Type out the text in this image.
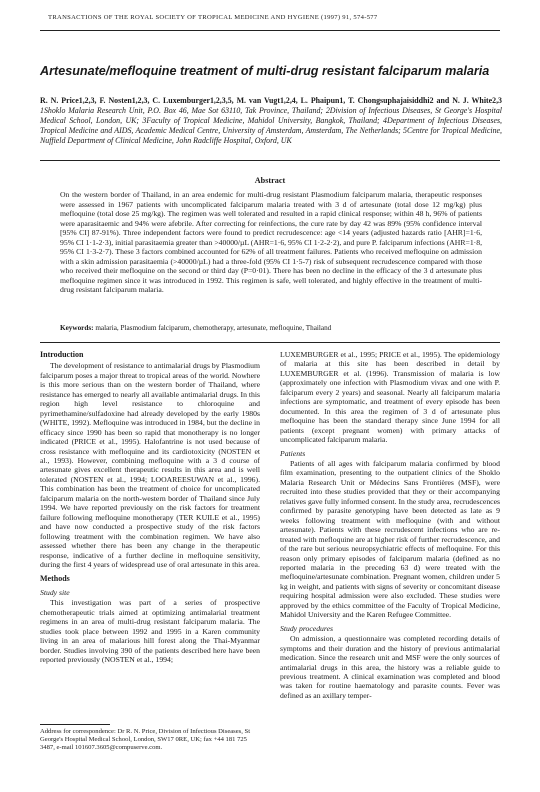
TRANSACTIONS OF THE ROYAL SOCIETY OF TROPICAL MEDICINE AND HYGIENE (1997) 91, 574-577
Artesunate/mefloquine treatment of multi-drug resistant falciparum malaria
R. N. Price1,2,3, F. Nosten1,2,3, C. Luxemburger1,2,3,5, M. van Vugt1,2,4, L. Phaipun1, T. Chongsuphajaisiddhi2 and N. J. White2,3 1Shoklo Malaria Research Unit, P.O. Box 46, Mae Sot 63110, Tak Province, Thailand; 2Division of Infectious Diseases, St George's Hospital Medical School, London, UK; 3Faculty of Tropical Medicine, Mahidol University, Bangkok, Thailand; 4Department of Infectious Diseases, Tropical Medicine and AIDS, Academic Medical Centre, University of Amsterdam, Amsterdam, The Netherlands; 5Centre for Tropical Medicine, Nuffield Department of Clinical Medicine, John Radcliffe Hospital, Oxford, UK
Abstract
On the western border of Thailand, in an area endemic for multi-drug resistant Plasmodium falciparum malaria, therapeutic responses were assessed in 1967 patients with uncomplicated falciparum malaria treated with 3 d of artesunate (total dose 12 mg/kg) plus mefloquine (total dose 25 mg/kg). The regimen was well tolerated and resulted in a rapid clinical response; within 48 h, 96% of patients were aparasitaemic and 94% were afebrile. After correcting for reinfections, the cure rate by day 42 was 89% (95% confidence interval [95% CI] 87-91%). Three independent factors were found to predict recrudescence: age <14 years (adjusted hazards ratio [AHR]=1·6, 95% CI 1·1-2·3), initial parasitaemia greater than >40000/µL (AHR=1·6, 95% CI 1·2-2·2), and pure P. falciparum infections (AHR=1·8, 95% CI 1·3-2·7). These 3 factors combined accounted for 62% of all treatment failures. Patients who received mefloquine on admission with a skin admission parasitaemia (>40000/µL) had a three-fold (95% CI 1·5-7) risk of subsequent recrudescence compared with those who received their mefloquine on the second or third day (P=0·01). There has been no decline in the efficacy of the 3 d artesunate plus mefloquine regimen since it was introduced in 1992. This regimen is safe, well tolerated, and highly effective in the treatment of multi-drug resistant falciparum malaria.
Keywords: malaria, Plasmodium falciparum, chemotherapy, artesunate, mefloquine, Thailand
Introduction

The development of resistance to antimalarial drugs by Plasmodium falciparum poses a major threat to tropical areas of the world. Nowhere is this more serious than on the western border of Thailand, where resistance has emerged to nearly all available antimalarial drugs. In this region high level resistance to chloroquine and pyrimethamine/sulfadoxine had already developed by the early 1980s (WHITE, 1992). Mefloquine was introduced in 1984, but the decline in efficacy since 1990 has been so rapid that monotherapy is no longer indicated (PRICE et al., 1995). Halofantrine is not used because of cross resistance with mefloquine and its cardiotoxicity (NOSTEN et al., 1993). However, combining mefloquine with a 3 d course of artesunate gives excellent therapeutic results in this area and is well tolerated (NOSTEN et al., 1994; LOOAREESUWAN et al., 1996). This combination has been the treatment of choice for uncomplicated falciparum malaria on the north-western border of Thailand since July 1994. We have reported previously on the risk factors for treatment failure following mefloquine monotherapy (TER KUILE et al., 1995) and have now conducted a prospective study of the risk factors following treatment with the combination regimen. We have also assessed whether there has been any change in the therapeutic response, indicative of a further decline in mefloquine sensitivity, during the first 4 years of widespread use of oral artesunate in this area.

Methods
Study site

This investigation was part of a series of prospective chemotherapeutic trials aimed at optimizing antimalarial treatment regimens in an area of multi-drug resistant falciparum malaria. The studies took place between 1992 and 1995 in a Karen community living in an area of malarious hill forest along the Thai-Myanmar border. Studies involving 390 of the patients described here have been reported previously (NOSTEN et al., 1994;

LUXEMBURGER et al., 1995; PRICE et al., 1995). The epidemiology of malaria at this site has been described in detail by LUXEMBURGER et al. (1996). Transmission of malaria is low (approximately one infection with Plasmodium vivax and one with P. falciparum every 2 years) and seasonal. Nearly all falciparum malaria infections are symptomatic, and treatment of every episode has been documented. In this area the regimen of 3 d of artesunate plus mefloquine has been the standard therapy since June 1994 for all patients (except pregnant women) with primary attacks of uncomplicated falciparum malaria.

Patients

Patients of all ages with falciparum malaria confirmed by blood film examination, presenting to the outpatient clinics of the Shoklo Malaria Research Unit or Médecins Sans Frontières (MSF), were recruited into these studies provided that they or their accompanying relatives gave fully informed consent. In the study area, recrudescences confirmed by parasite genotyping have been detected as late as 9 weeks following treatment with mefloquine (with and without artesunate). Patients with these recrudescent infections who are re-treated with mefloquine are at higher risk of further recrudescence, and of the rare but serious neuropsychiatric effects of mefloquine. For this reason only primary episodes of falciparum malaria (defined as no reported malaria in the preceding 63 d) were treated with the mefloquine/artesunate combination. Pregnant women, children under 5 kg in weight, and patients with signs of severity or concomitant disease requiring hospital admission were also excluded. These studies were approved by the ethics committee of the Faculty of Tropical Medicine, Mahidol University and the Karen Refugee Committee.

Study procedures

On admission, a questionnaire was completed recording details of symptoms and their duration and the history of previous antimalarial medication. Since the research unit and MSF were the only sources of antimalarial drugs in this area, the history was a reliable guide to previous treatment. A clinical examination was completed and blood was taken for routine haematology and parasite counts. Fever was defined as an axillary temper-

Address for correspondence: Dr R. N. Price, Division of Infectious Diseases, St George's Hospital Medical School, London, SW17 0RE, UK; fax +44 181 725 3487, e-mail 101607.3605@compuserve.com.
